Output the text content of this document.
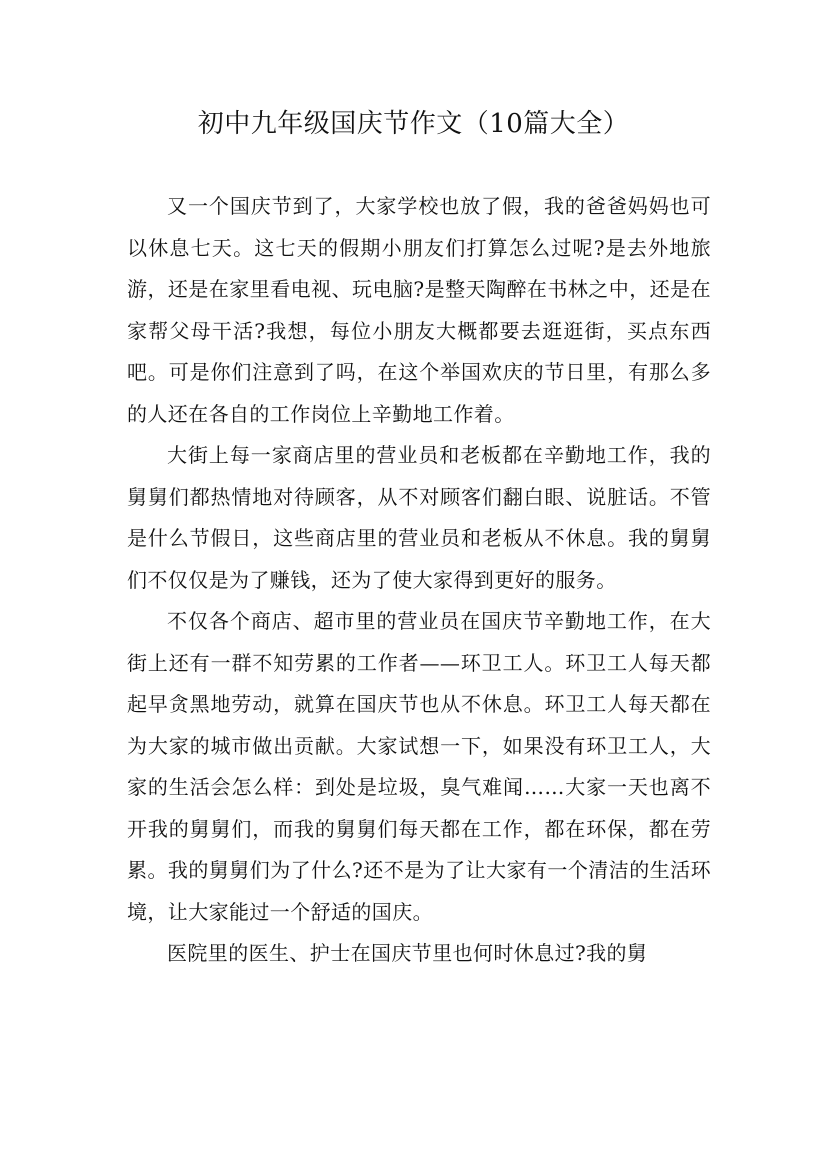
初中九年级国庆节作文（10篇大全）

又一个国庆节到了，大家学校也放了假，我的爸爸妈妈也可以休息七天。这七天的假期小朋友们打算怎么过呢?是去外地旅游，还是在家里看电视、玩电脑?是整天陶醉在书林之中，还是在家帮父母干活?我想，每位小朋友大概都要去逛逛街，买点东西吧。可是你们注意到了吗，在这个举国欢庆的节日里，有那么多的人还在各自的工作岗位上辛勤地工作着。

大街上每一家商店里的营业员和老板都在辛勤地工作，我的舅舅们都热情地对待顾客，从不对顾客们翻白眼、说脏话。不管是什么节假日，这些商店里的营业员和老板从不休息。我的舅舅们不仅仅是为了赚钱，还为了使大家得到更好的服务。

不仅各个商店、超市里的营业员在国庆节辛勤地工作，在大街上还有一群不知劳累的工作者——环卫工人。环卫工人每天都起早贪黑地劳动，就算在国庆节也从不休息。环卫工人每天都在为大家的城市做出贡献。大家试想一下，如果没有环卫工人，大家的生活会怎么样：到处是垃圾，臭气难闻……大家一天也离不开我的舅舅们，而我的舅舅们每天都在工作，都在环保，都在劳累。我的舅舅们为了什么?还不是为了让大家有一个清洁的生活环境，让大家能过一个舒适的国庆。

医院里的医生、护士在国庆节里也何时休息过?我的舅
